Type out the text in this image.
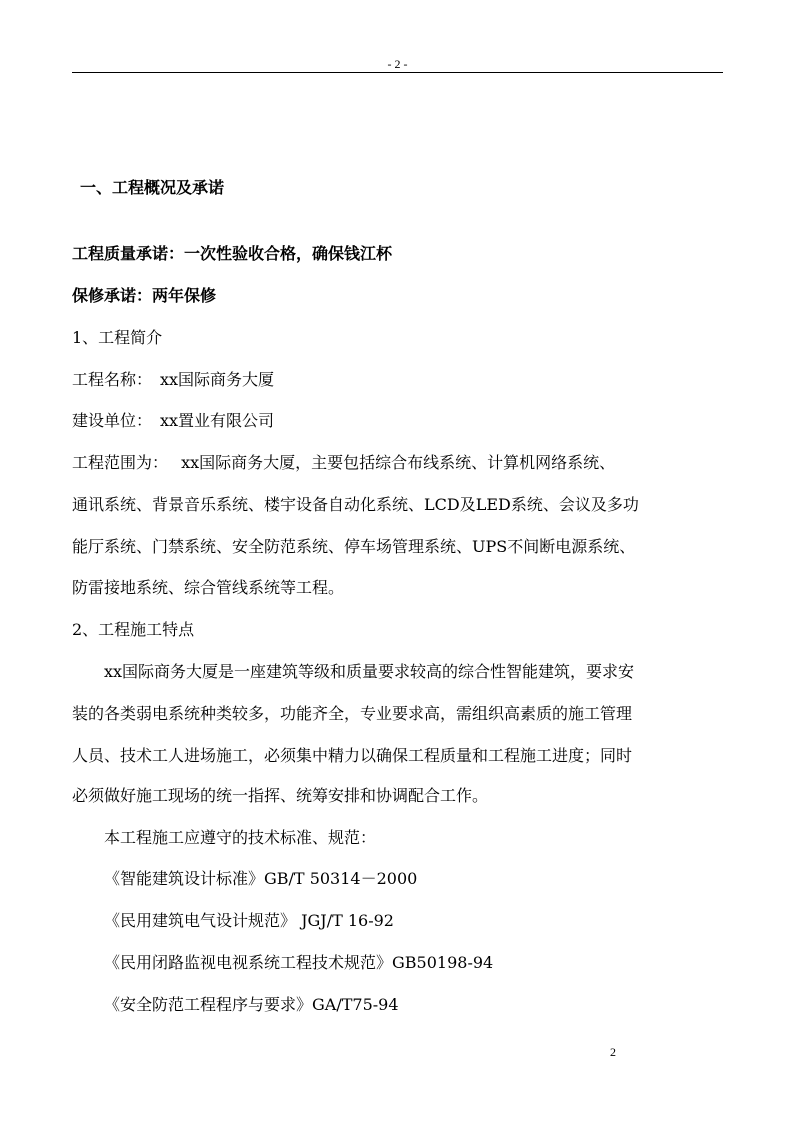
- 2 -
一、工程概况及承诺
工程质量承诺：一次性验收合格，确保钱江杯
保修承诺：两年保修
1、工程简介
工程名称：　xx国际商务大厦
建设单位：　xx置业有限公司
工程范围为：　 xx国际商务大厦，主要包括综合布线系统、计算机网络系统、
通讯系统、背景音乐系统、楼宇设备自动化系统、LCD及LED系统、会议及多功
能厅系统、门禁系统、安全防范系统、停车场管理系统、UPS不间断电源系统、
防雷接地系统、综合管线系统等工程。
2、工程施工特点
xx国际商务大厦是一座建筑等级和质量要求较高的综合性智能建筑，要求安
装的各类弱电系统种类较多，功能齐全，专业要求高，需组织高素质的施工管理
人员、技术工人进场施工，必须集中精力以确保工程质量和工程施工进度；同时
必须做好施工现场的统一指挥、统筹安排和协调配合工作。
本工程施工应遵守的技术标准、规范：
《智能建筑设计标准》GB/T 50314－2000
《民用建筑电气设计规范》 JGJ/T 16-92
《民用闭路监视电视系统工程技术规范》GB50198-94
《安全防范工程程序与要求》GA/T75-94
2
